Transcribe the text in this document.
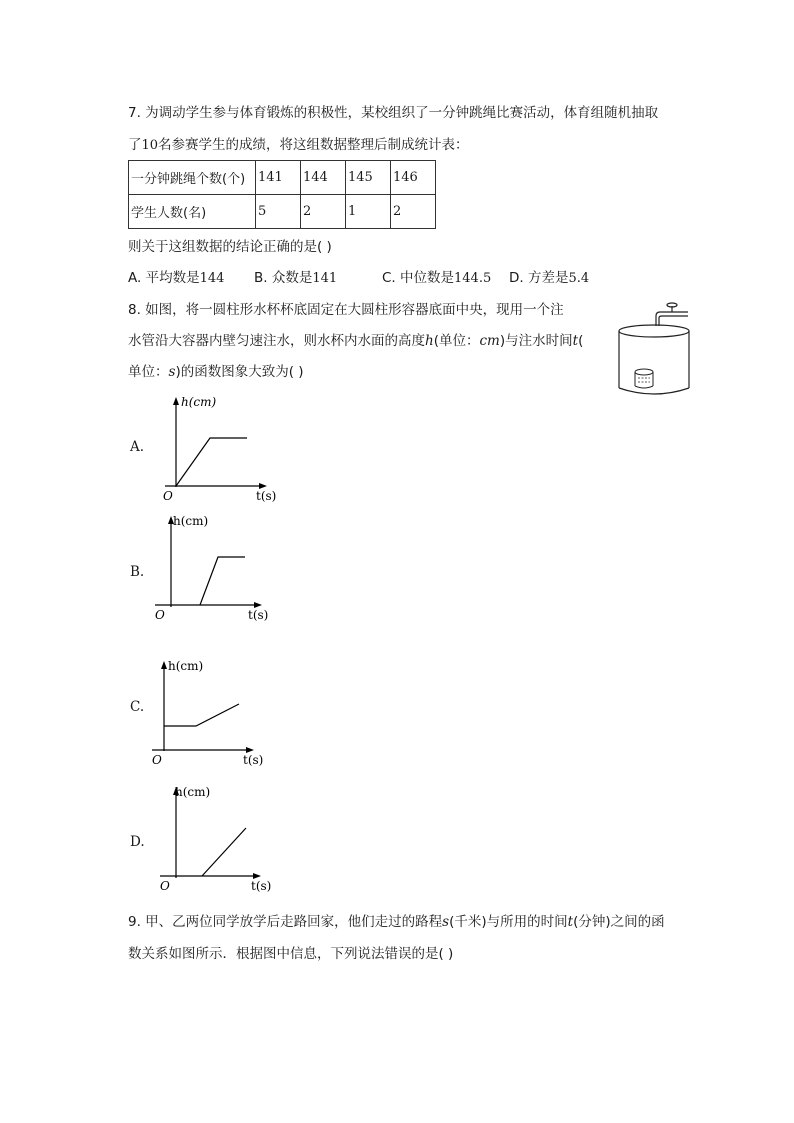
7. 为调动学生参与体育锻炼的积极性，某校组织了一分钟跳绳比赛活动，体育组随机抽取
了10名参赛学生的成绩，将这组数据整理后制成统计表：
一分钟跳绳个数(个)	141	144	145	146
学生人数(名)	5	2	1	2
则关于这组数据的结论正确的是( )
A. 平均数是144 B. 众数是141	C. 中位数是144.5 D. 方差是5.4
8. 如图，将一圆柱形水杯杯底固定在大圆柱形容器底面中央，现用一个注
水管沿大容器内壁匀速注水，则水杯内水面的高度h(单位：cm)与注水时间t(
单位：s)的函数图象大致为( )
A.
h(cm)
O	t(s)
B.
h(cm)
O	t(s)
C.
h(cm)
O	t(s)
D.
h(cm)
O	t(s)
9. 甲、乙两位同学放学后走路回家，他们走过的路程s(千米)与所用的时间t(分钟)之间的函
数关系如图所示．根据图中信息，下列说法错误的是( )
